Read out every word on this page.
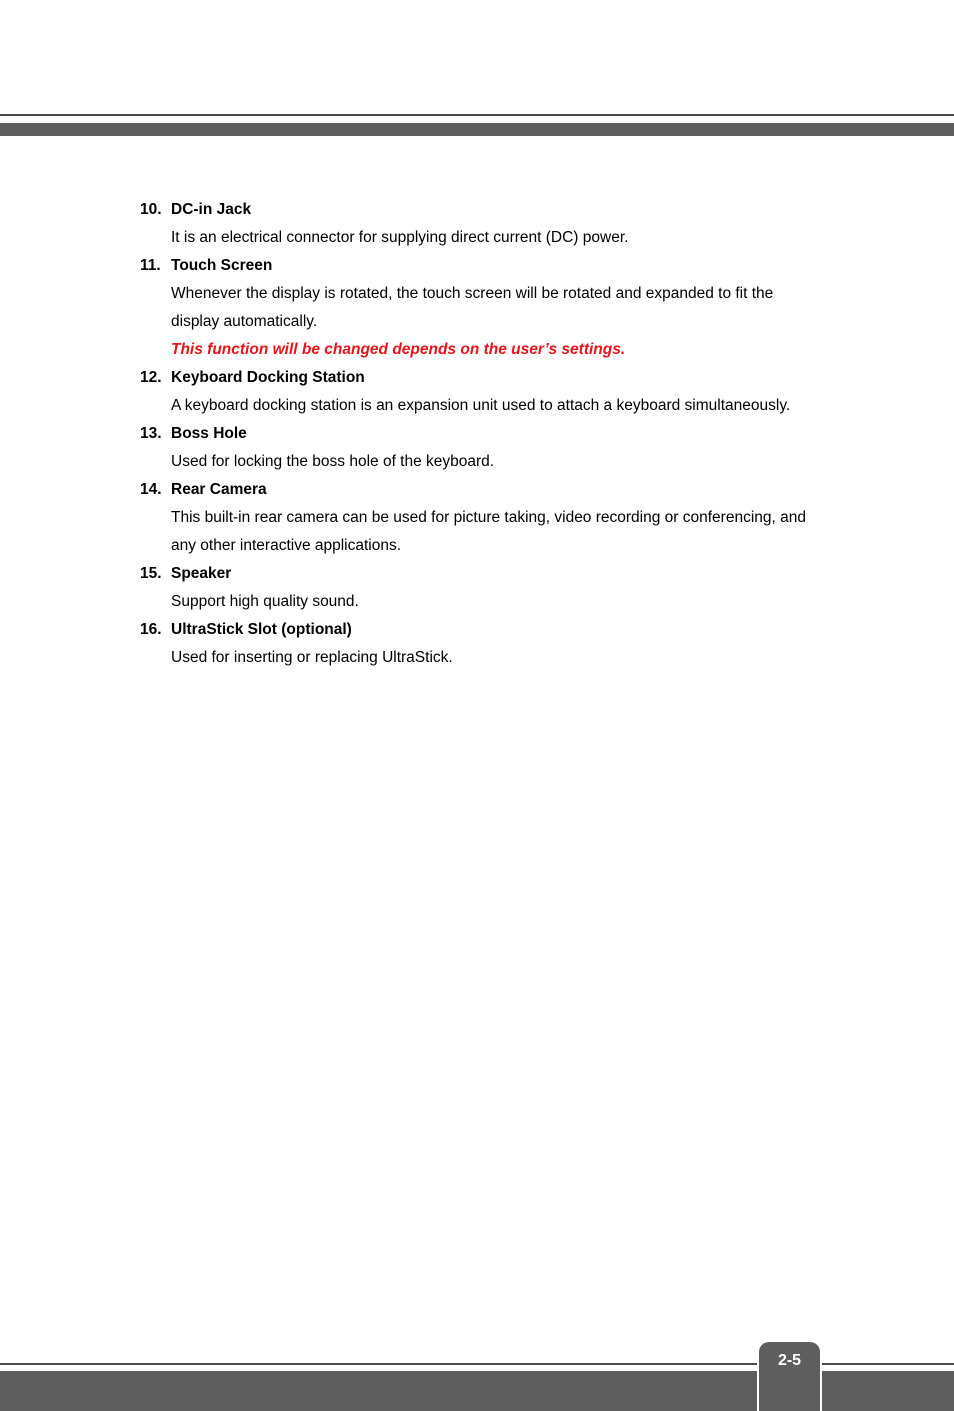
10. DC-in Jack

It is an electrical connector for supplying direct current (DC) power.

11. Touch Screen

Whenever the display is rotated, the touch screen will be rotated and expanded to fit the display automatically.

This function will be changed depends on the user’s settings.

12. Keyboard Docking Station

A keyboard docking station is an expansion unit used to attach a keyboard simultaneously.

13. Boss Hole

Used for locking the boss hole of the keyboard.

14. Rear Camera

This built-in rear camera can be used for picture taking, video recording or conferencing, and any other interactive applications.

15. Speaker

Support high quality sound.

16. UltraStick Slot (optional)

Used for inserting or replacing UltraStick.

2-5
